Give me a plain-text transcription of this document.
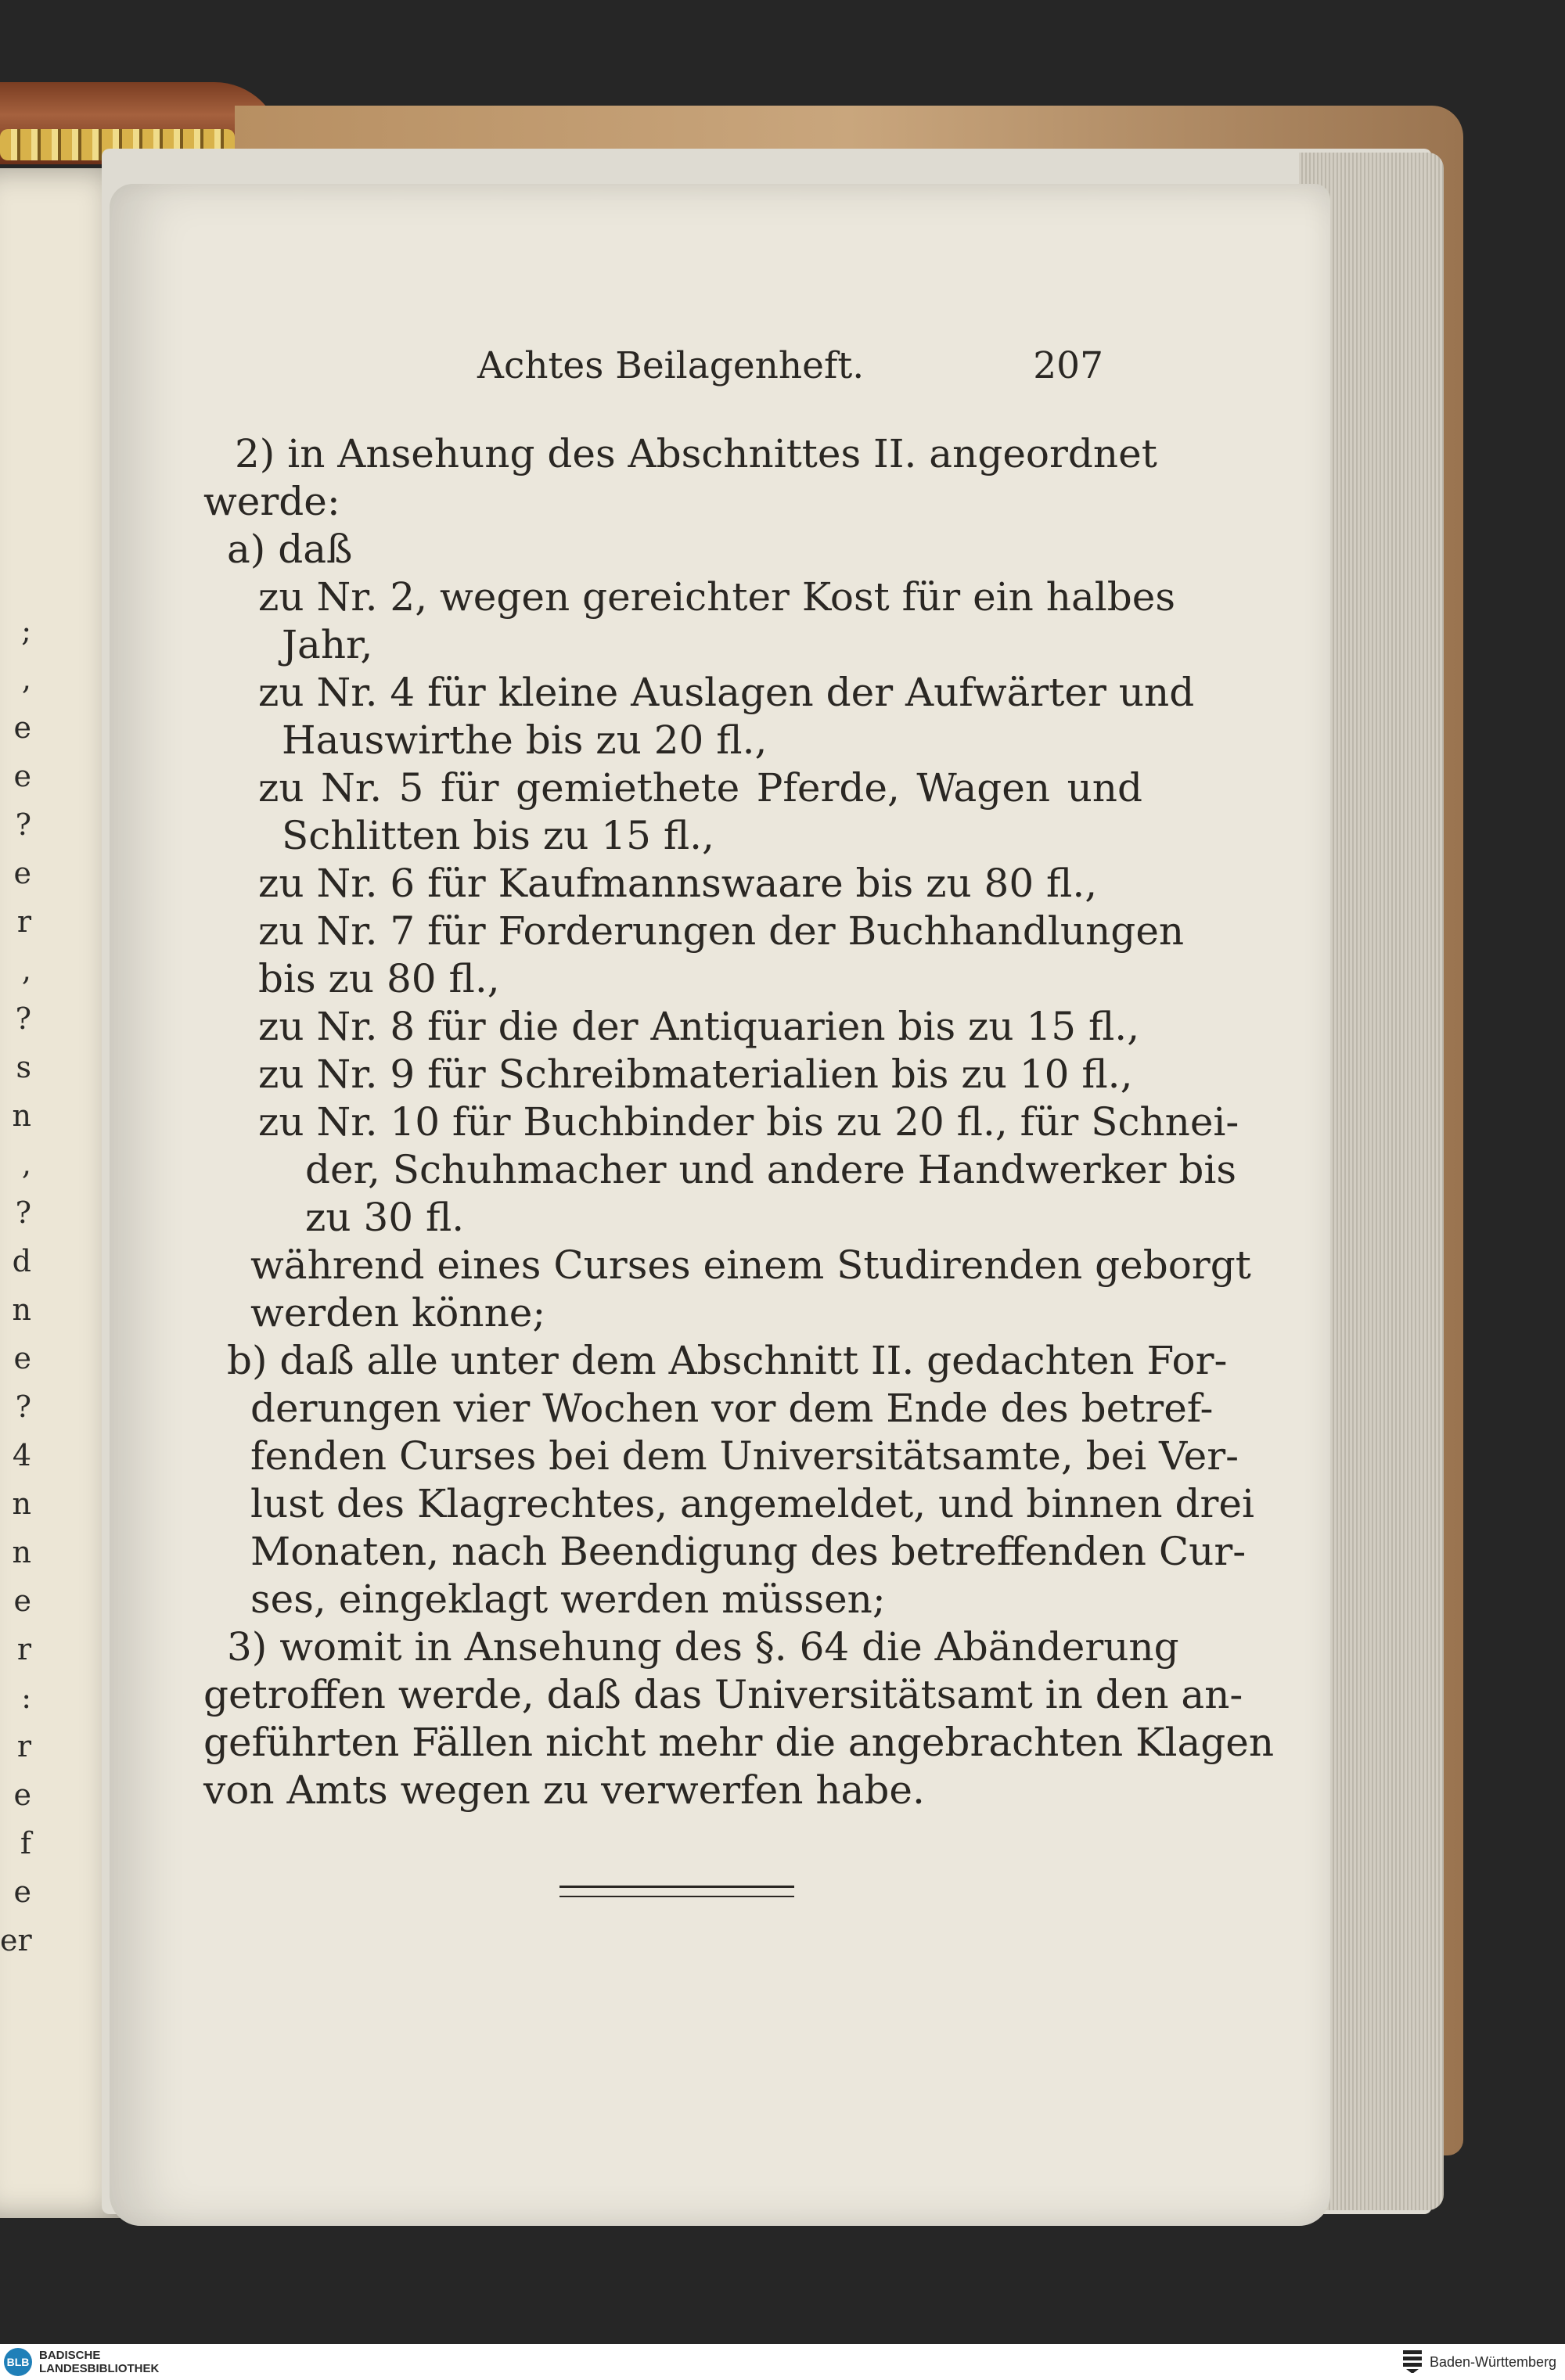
;
,
e
e
?
e
r
,
?
s
n
,
?
d
n
e
?
4
n
n
e
r
:
r
e
f
e
er
Achtes Beilagenheft.	207
2) in Ansehung des Abschnittes II. angeordnet
werde:
a) daß
zu Nr. 2, wegen gereichter Kost für ein halbes
Jahr,
zu Nr. 4 für kleine Auslagen der Aufwärter und
Hauswirthe bis zu 20 fl.,
zu Nr. 5 für gemiethete Pferde, Wagen und
Schlitten bis zu 15 fl.,
zu Nr. 6 für Kaufmannswaare bis zu 80 fl.,
zu Nr. 7 für Forderungen der Buchhandlungen
bis zu 80 fl.,
zu Nr. 8 für die der Antiquarien bis zu 15 fl.,
zu Nr. 9 für Schreibmaterialien bis zu 10 fl.,
zu Nr. 10 für Buchbinder bis zu 20 fl., für Schnei-
der, Schuhmacher und andere Handwerker bis
zu 30 fl.
während eines Curses einem Studirenden geborgt
werden könne;
b) daß alle unter dem Abschnitt II. gedachten For-
derungen vier Wochen vor dem Ende des betref-
fenden Curses bei dem Universitätsamte, bei Ver-
lust des Klagrechtes, angemeldet, und binnen drei
Monaten, nach Beendigung des betreffenden Cur-
ses, eingeklagt werden müssen;
3) womit in Ansehung des §. 64 die Abänderung
getroffen werde, daß das Universitätsamt in den an-
geführten Fällen nicht mehr die angebrachten Klagen
von Amts wegen zu verwerfen habe.
BLB BADISCHE
LANDESBIBLIOTHEK	Baden-Württemberg
